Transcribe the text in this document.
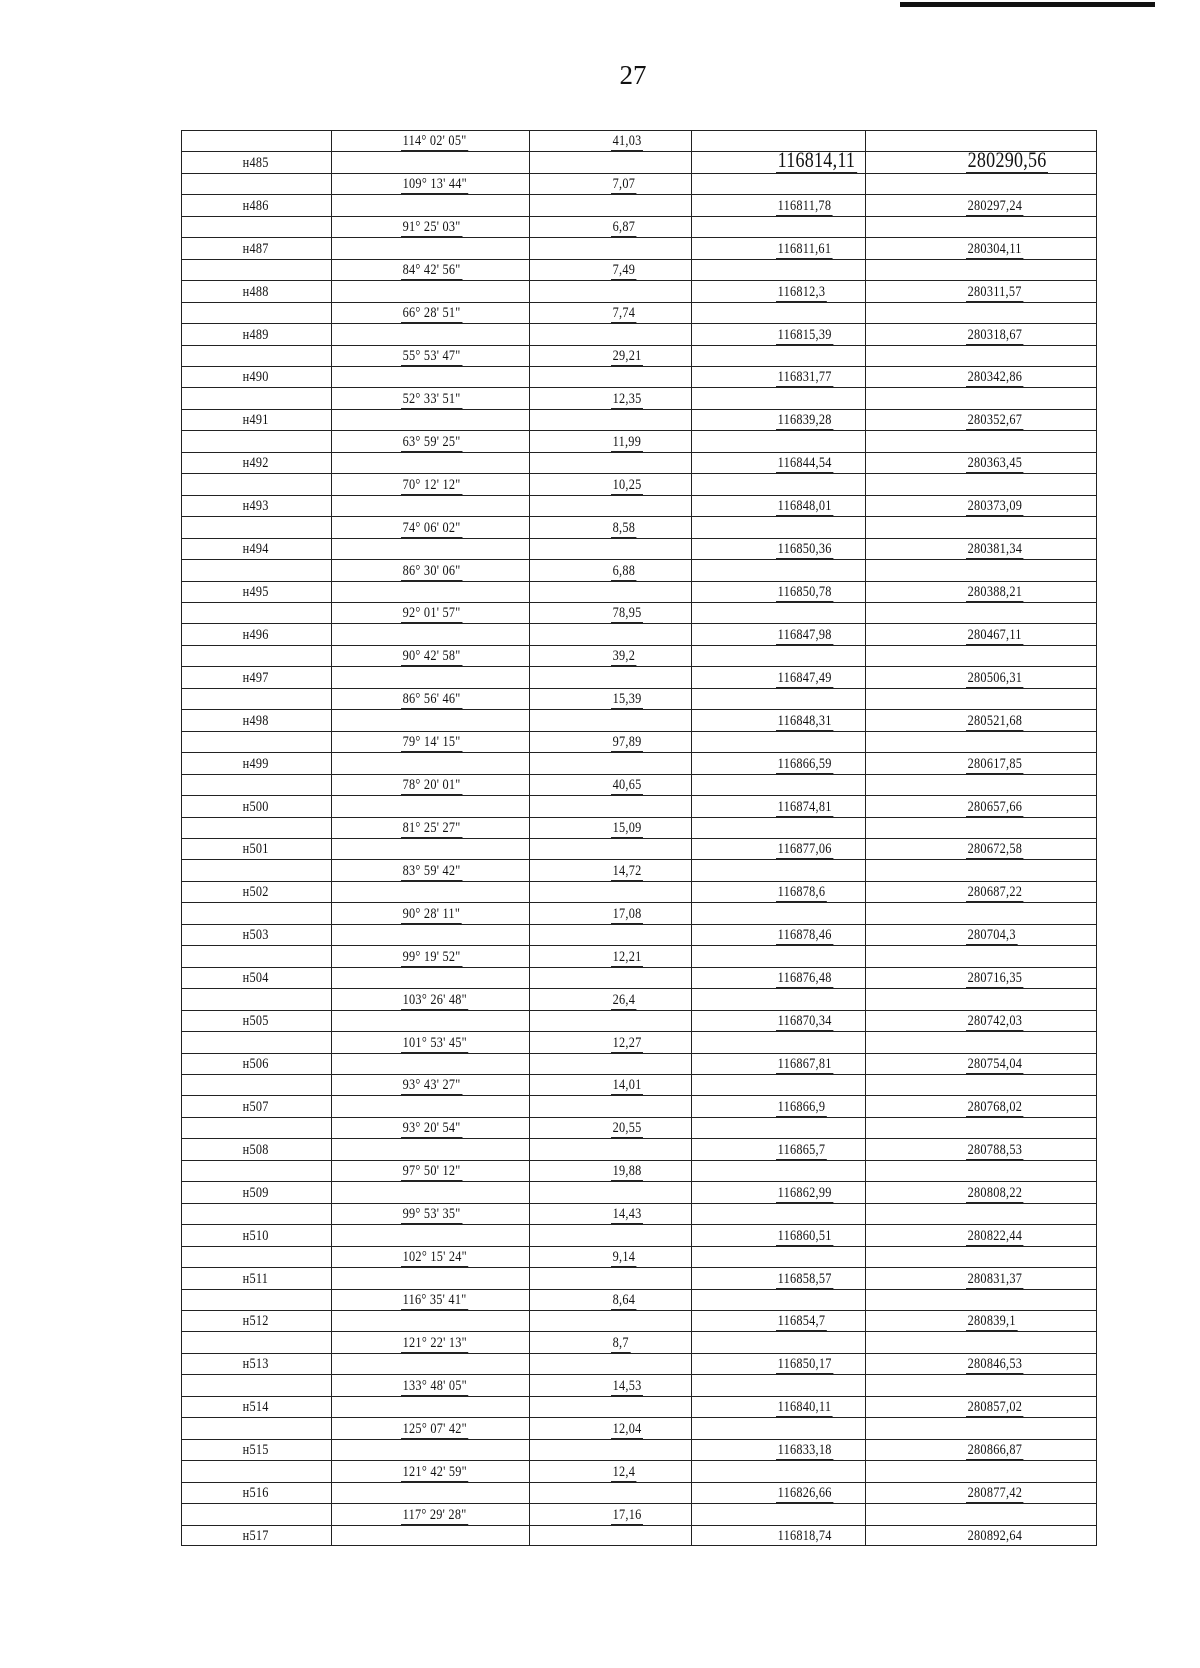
27
114° 02' 05"	41,03
н485	116814,11	280290,56
109° 13' 44"	7,07
н486	116811,78	280297,24
91° 25' 03"	6,87
н487	116811,61	280304,11
84° 42' 56"	7,49
н488	116812,3	280311,57
66° 28' 51"	7,74
н489	116815,39	280318,67
55° 53' 47"	29,21
н490	116831,77	280342,86
52° 33' 51"	12,35
н491	116839,28	280352,67
63° 59' 25"	11,99
н492	116844,54	280363,45
70° 12' 12"	10,25
н493	116848,01	280373,09
74° 06' 02"	8,58
н494	116850,36	280381,34
86° 30' 06"	6,88
н495	116850,78	280388,21
92° 01' 57"	78,95
н496	116847,98	280467,11
90° 42' 58"	39,2
н497	116847,49	280506,31
86° 56' 46"	15,39
н498	116848,31	280521,68
79° 14' 15"	97,89
н499	116866,59	280617,85
78° 20' 01"	40,65
н500	116874,81	280657,66
81° 25' 27"	15,09
н501	116877,06	280672,58
83° 59' 42"	14,72
н502	116878,6	280687,22
90° 28' 11"	17,08
н503	116878,46	280704,3
99° 19' 52"	12,21
н504	116876,48	280716,35
103° 26' 48"	26,4
н505	116870,34	280742,03
101° 53' 45"	12,27
н506	116867,81	280754,04
93° 43' 27"	14,01
н507	116866,9	280768,02
93° 20' 54"	20,55
н508	116865,7	280788,53
97° 50' 12"	19,88
н509	116862,99	280808,22
99° 53' 35"	14,43
н510	116860,51	280822,44
102° 15' 24"	9,14
н511	116858,57	280831,37
116° 35' 41"	8,64
н512	116854,7	280839,1
121° 22' 13"	8,7
н513	116850,17	280846,53
133° 48' 05"	14,53
н514	116840,11	280857,02
125° 07' 42"	12,04
н515	116833,18	280866,87
121° 42' 59"	12,4
н516	116826,66	280877,42
117° 29' 28"	17,16
н517	116818,74	280892,64
